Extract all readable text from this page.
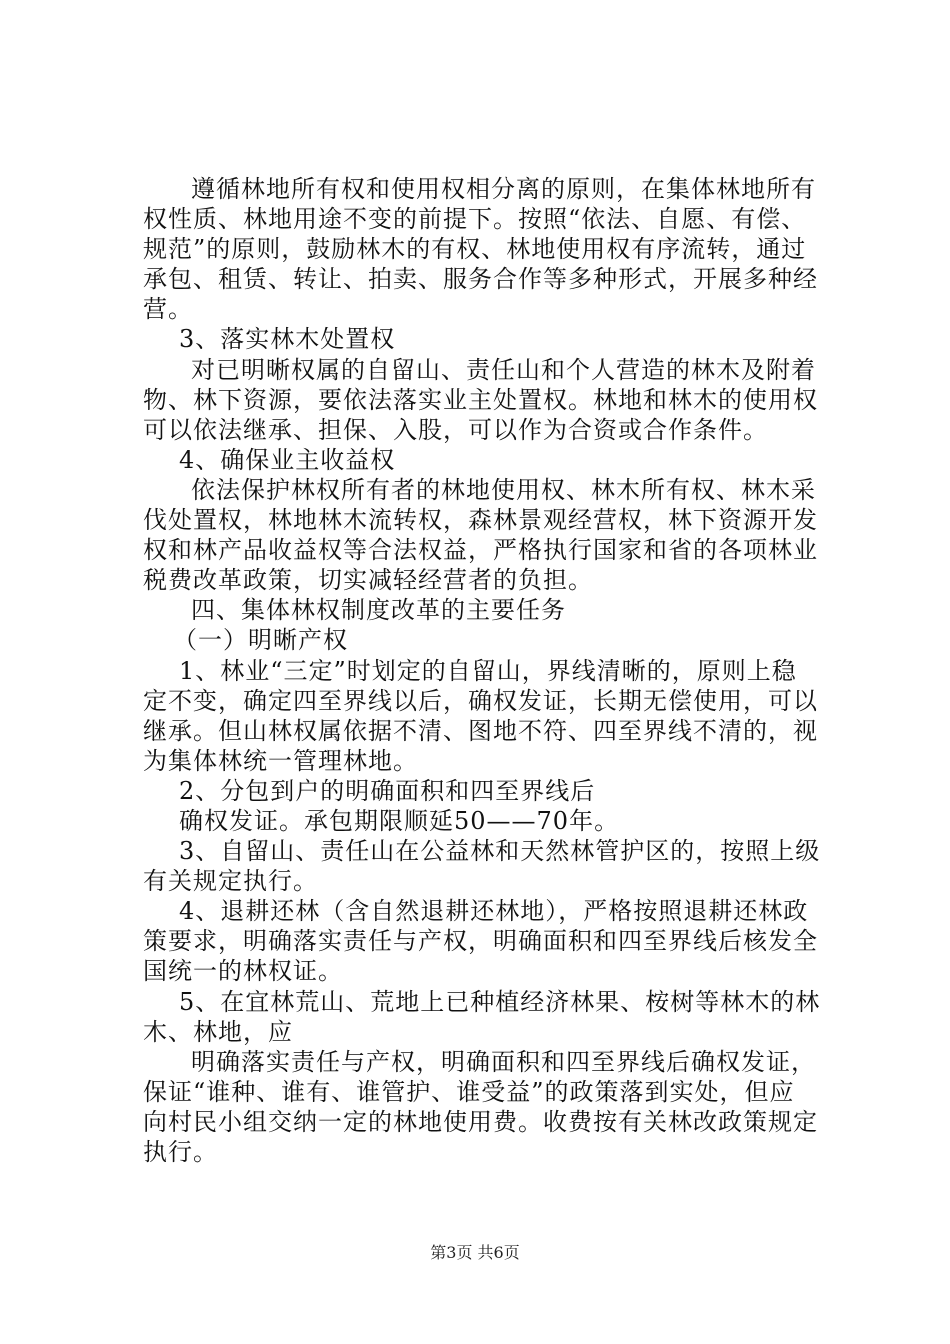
遵循林地所有权和使用权相分离的原则，在集体林地所有
权性质、林地用途不变的前提下。按照“依法、自愿、有偿、
规范”的原则，鼓励林木的有权、林地使用权有序流转，通过
承包、租赁、转让、拍卖、服务合作等多种形式，开展多种经
营。
3、落实林木处置权
对已明晰权属的自留山、责任山和个人营造的林木及附着
物、林下资源，要依法落实业主处置权。林地和林木的使用权
可以依法继承、担保、入股，可以作为合资或合作条件。
4、确保业主收益权
依法保护林权所有者的林地使用权、林木所有权、林木采
伐处置权，林地林木流转权，森林景观经营权，林下资源开发
权和林产品收益权等合法权益，严格执行国家和省的各项林业
税费改革政策，切实减轻经营者的负担。
四、集体林权制度改革的主要任务
（一）明晰产权
1、林业“三定”时划定的自留山，界线清晰的，原则上稳
定不变，确定四至界线以后，确权发证，长期无偿使用，可以
继承。但山林权属依据不清、图地不符、四至界线不清的，视
为集体林统一管理林地。
2、分包到户的明确面积和四至界线后
确权发证。承包期限顺延50——70年。
3、自留山、责任山在公益林和天然林管护区的，按照上级
有关规定执行。
4、退耕还林（含自然退耕还林地），严格按照退耕还林政
策要求，明确落实责任与产权，明确面积和四至界线后核发全
国统一的林权证。
5、在宜林荒山、荒地上已种植经济林果、桉树等林木的林
木、林地，应
明确落实责任与产权，明确面积和四至界线后确权发证，
保证“谁种、谁有、谁管护、谁受益”的政策落到实处，但应
向村民小组交纳一定的林地使用费。收费按有关林改政策规定
执行。
第3页 共6页
